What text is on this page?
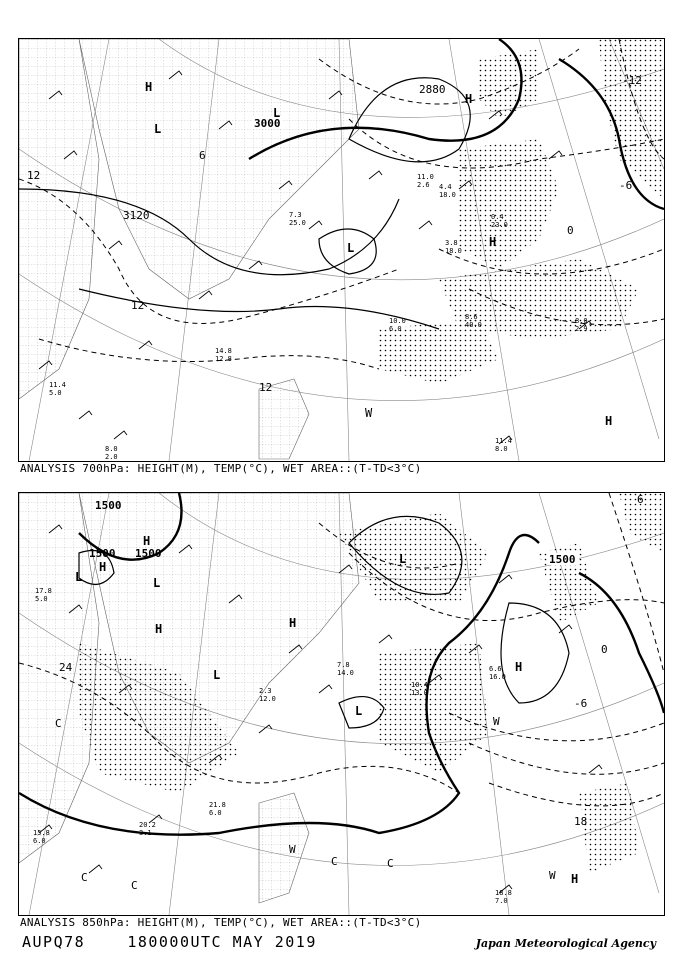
3000
2880
3120
12
12
12
0
-6
-12
6
H
H
L
L
L
H
H
W
11.4
8.0
4.4
18.0
8.0
2.9
8.6
40.0
0.4
23.0
3.8
18.0
11.0
2.6
10.0
6.0
14.8
12.8
11.4
5.0
8.0
2.0
7.3
25.0
ANALYSIS 700hPa: HEIGHT(M), TEMP(°C), WET AREA::(T-TD<3°C)
1500
1500 1500	1500
24
18
0
-6
6
H
H
H
L	L
L
L
H
H
L
H
C
C
C
C	C
W
W
W
18.8
7.0
6.6
16.0
10.4
13.0
21.8
6.0
20.2
3.1
15.8
6.0
17.8
5.0
7.8
14.0
2.3
12.0
ANALYSIS 850hPa: HEIGHT(M), TEMP(°C), WET AREA::(T-TD<3°C)
AUPQ78	180000UTC MAY 2019	Japan Meteorological Agency
